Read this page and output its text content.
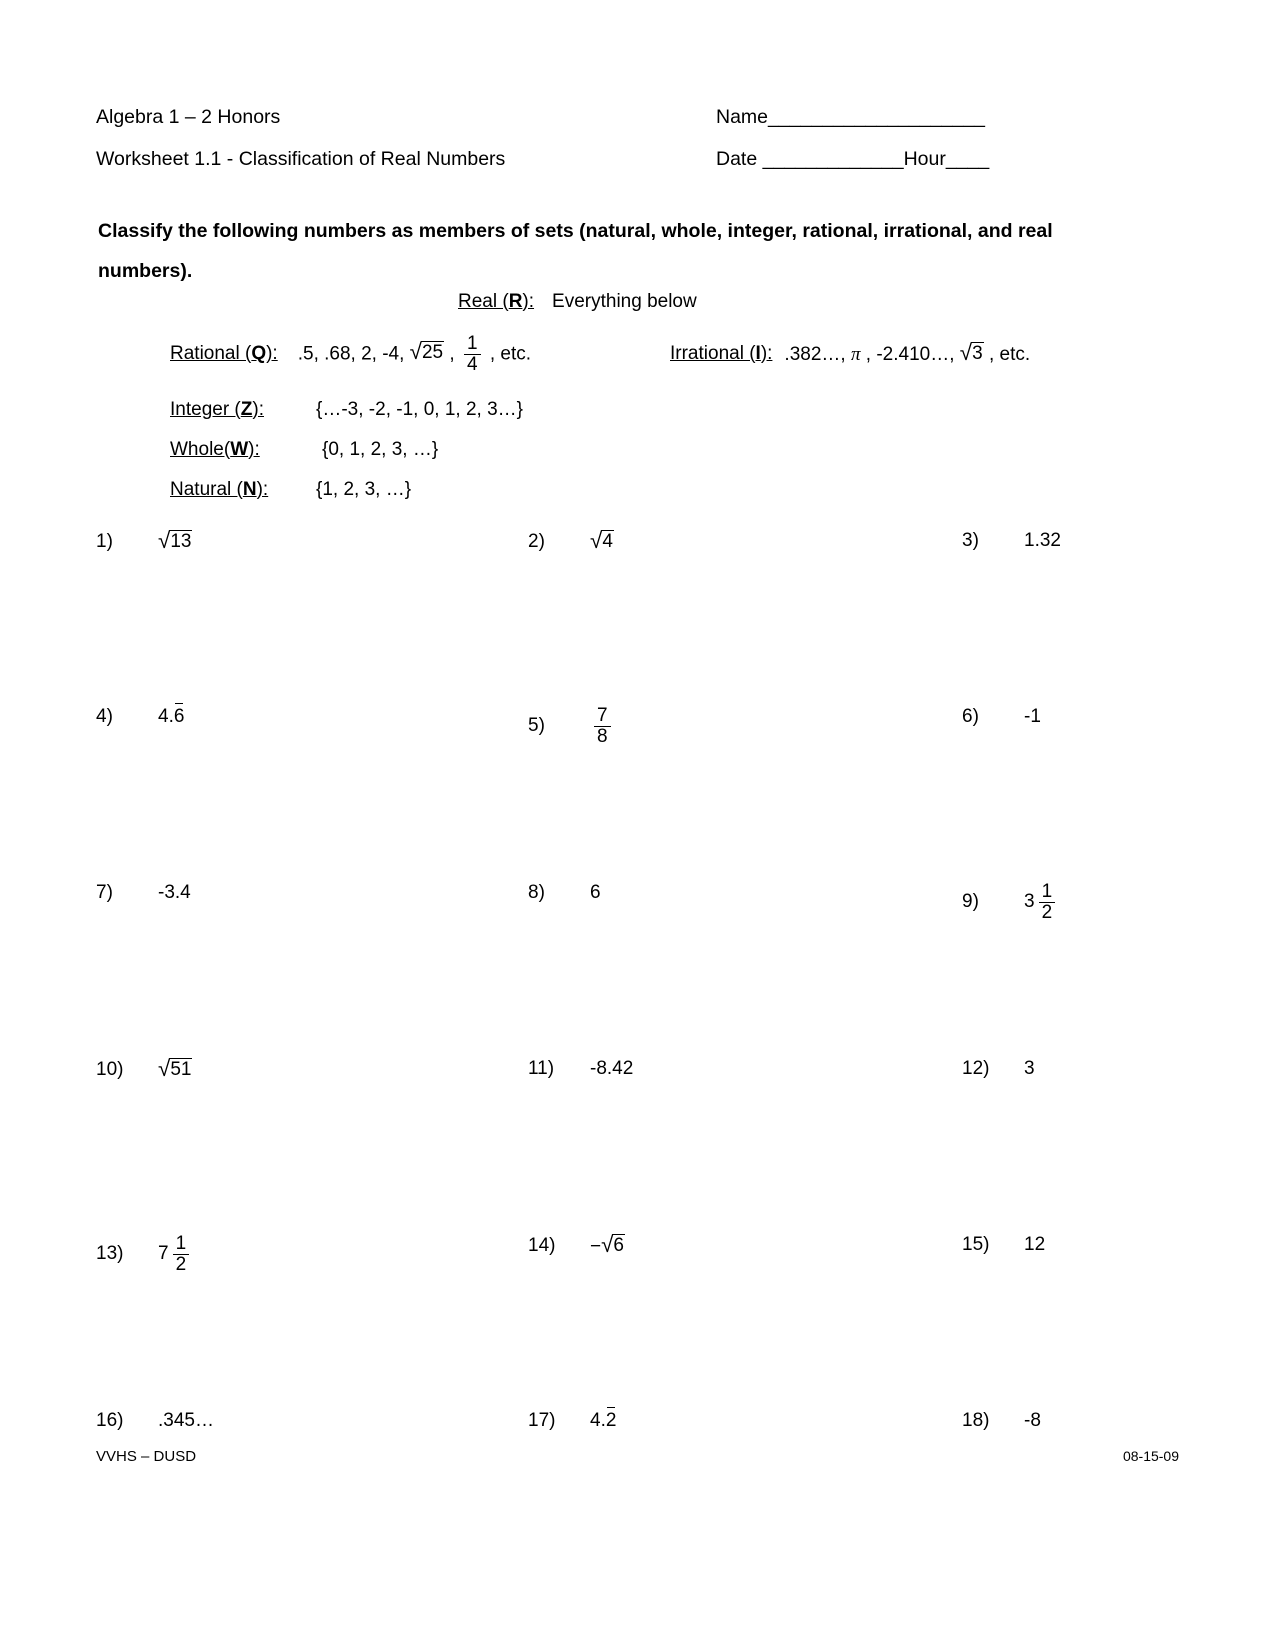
Algebra 1 – 2 Honors	Name____________________
Worksheet 1.1 - Classification of Real Numbers	Date _____________Hour____
Classify the following numbers as members of sets (natural, whole, integer, rational, irrational, and real numbers).
Real (R): Everything below
Rational (Q): .5, .68, 2, -4, √ 25 , $\frac{1}{4}$ , etc.	Irrational (I): .382…, π , -2.410…, √ 3 , etc.
Integer (Z):	{…-3, -2, -1, 0, 1, 2, 3…}
Whole(W):	{0, 1, 2, 3, …}
Natural (N):	{1, 2, 3, …}
1)	√ 13	2)	√ 4	3)	1.32
4)	4.6	5)	$\frac{7}{8}$	6)	-1
7)	-3.4	8)	6	9)	$3 \frac{1}{2}$
10)	√ 51	11)	-8.42	12)	3
13)	$7 \frac{1}{2}$	14)	− √ 6	15)	12
16)	.345…	17)	4.2	18)	-8
VVHS – DUSD	08-15-09
